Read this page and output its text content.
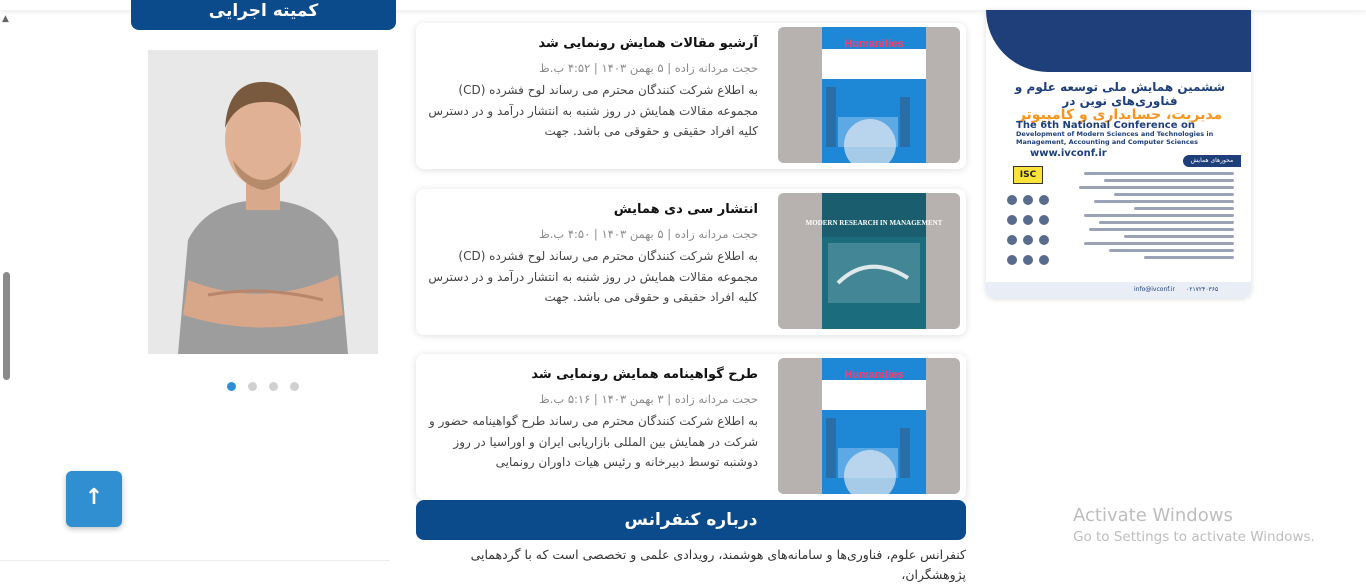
▲	کمیته اجرایی
↑
Humanities

آرشیو مقالات همایش رونمایی شد

حجت مردانه زاده | ۵ بهمن ۱۴۰۳ | ۴:۵۲ ب.ظ

به اطلاع شرکت کنندگان محترم می رساند لوح فشرده (CD) مجموعه مقالات همایش در روز شنبه به انتشار درآمد و در دسترس کلیه افراد حقیقی و حقوقی می باشد. جهت

MODERN RESEARCH IN MANAGEMENT

انتشار سی دی همایش

حجت مردانه زاده | ۵ بهمن ۱۴۰۳ | ۴:۵۰ ب.ظ

به اطلاع شرکت کنندگان محترم می رساند لوح فشرده (CD) مجموعه مقالات همایش در روز شنبه به انتشار درآمد و در دسترس کلیه افراد حقیقی و حقوقی می باشد. جهت

Humanities

طرح گواهینامه همایش رونمایی شد

حجت مردانه زاده | ۳ بهمن ۱۴۰۳ | ۵:۱۶ ب.ظ

به اطلاع شرکت کنندگان محترم می رساند طرح گواهینامه حضور و شرکت در همایش بین المللی بازاریابی ایران و اوراسیا در روز دوشنبه توسط دبیرخانه و رئیس هیات داوران رونمایی

درباره کنفرانس
کنفرانس علوم، فناوری‌ها و سامانه‌های هوشمند، رویدادی علمی و تخصصی است که با گردهمایی پژوهشگران،
ششمین همایش ملی توسعه علوم و فناوری‌های نوین در
مدیریت، حسابداری و کامپیوتر
The 6th National Conference on
Development of Modern Sciences and Technologies in
Management, Accounting and Computer Sciences
www.ivconf.ir
ISC
محورهای همایش
۰۲۱۷۲۴۰۳۶۵
info@ivconf.ir
Activate Windows
Go to Settings to activate Windows.
